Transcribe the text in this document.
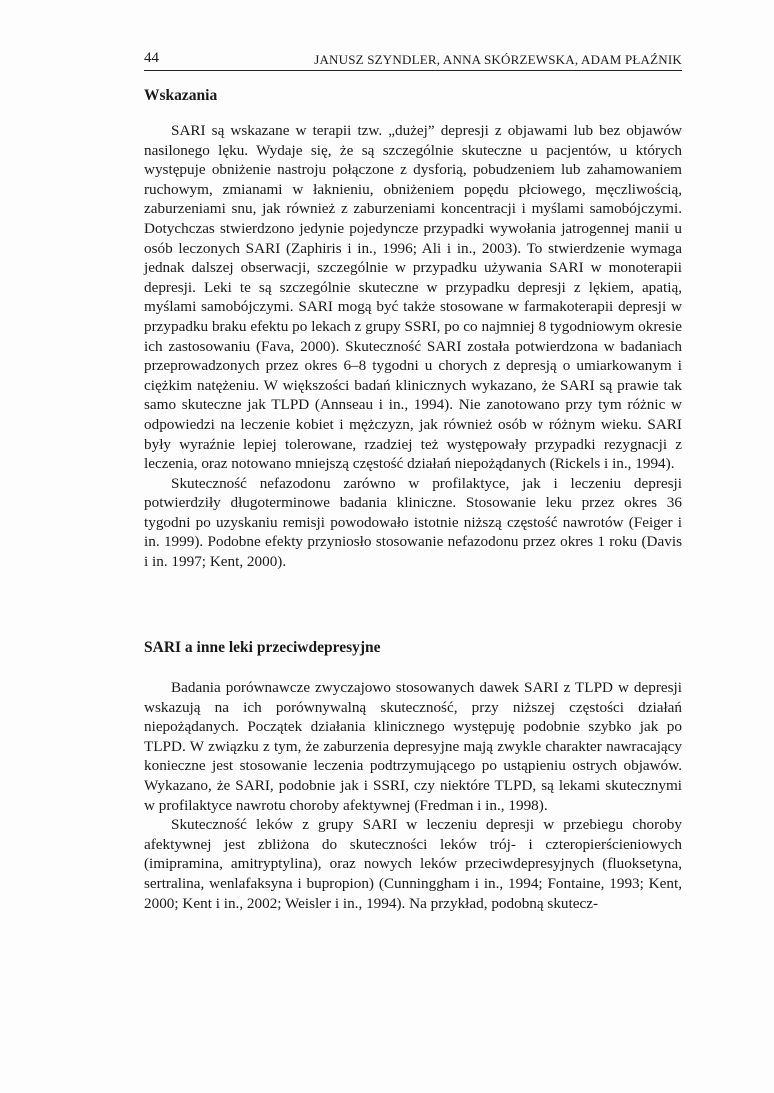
44	JANUSZ SZYNDLER, ANNA SKÓRZEWSKA, ADAM PŁAŹNIK
Wskazania

SARI są wskazane w terapii tzw. „dużej” depresji z objawami lub bez objawów nasilonego lęku. Wydaje się, że są szczególnie skuteczne u pacjentów, u których występuje obniżenie nastroju połączone z dysforią, pobudzeniem lub zahamowaniem ruchowym, zmianami w łaknieniu, obniżeniem popędu płciowego, męczliwością, zaburzeniami snu, jak również z zaburzeniami koncentracji i myślami samobójczymi. Dotychczas stwierdzono jedynie pojedyncze przypadki wywołania jatrogennej manii u osób leczonych SARI (Zaphiris i in., 1996; Ali i in., 2003). To stwierdzenie wymaga jednak dalszej obserwacji, szczególnie w przypadku używania SARI w monoterapii depresji. Leki te są szczególnie skuteczne w przypadku depresji z lękiem, apatią, myślami samobójczymi. SARI mogą być także stosowane w farmakoterapii depresji w przypadku braku efektu po lekach z grupy SSRI, po co najmniej 8 tygodniowym okresie ich zastosowaniu (Fava, 2000). Skuteczność SARI została potwierdzona w badaniach przeprowadzonych przez okres 6–8 tygodni u chorych z depresją o umiarkowanym i ciężkim natężeniu. W większości badań klinicznych wykazano, że SARI są prawie tak samo skuteczne jak TLPD (Annseau i in., 1994). Nie zanotowano przy tym różnic w odpowiedzi na leczenie kobiet i mężczyzn, jak również osób w różnym wieku. SARI były wyraźnie lepiej tolerowane, rzadziej też występowały przypadki rezygnacji z leczenia, oraz notowano mniejszą częstość działań niepożądanych (Rickels i in., 1994).

Skuteczność nefazodonu zarówno w profilaktyce, jak i leczeniu depresji potwierdziły długoterminowe badania kliniczne. Stosowanie leku przez okres 36 tygodni po uzyskaniu remisji powodowało istotnie niższą częstość nawrotów (Feiger i in. 1999). Podobne efekty przyniosło stosowanie nefazodonu przez okres 1 roku (Davis i in. 1997; Kent, 2000).

SARI a inne leki przeciwdepresyjne

Badania porównawcze zwyczajowo stosowanych dawek SARI z TLPD w depresji wskazują na ich porównywalną skuteczność, przy niższej częstości działań niepożądanych. Początek działania klinicznego występuję podobnie szybko jak po TLPD. W związku z tym, że zaburzenia depresyjne mają zwykle charakter nawracający konieczne jest stosowanie leczenia podtrzymującego po ustąpieniu ostrych objawów. Wykazano, że SARI, podobnie jak i SSRI, czy niektóre TLPD, są lekami skutecznymi w profilaktyce nawrotu choroby afektywnej (Fredman i in., 1998).

Skuteczność leków z grupy SARI w leczeniu depresji w przebiegu choroby afektywnej jest zbliżona do skuteczności leków trój- i czteropierścieniowych (imipramina, amitryptylina), oraz nowych leków przeciwdepresyjnych (fluoksetyna, sertralina, wenlafaksyna i bupropion) (Cunninggham i in., 1994; Fontaine, 1993; Kent, 2000; Kent i in., 2002; Weisler i in., 1994). Na przykład, podobną skutecz-
